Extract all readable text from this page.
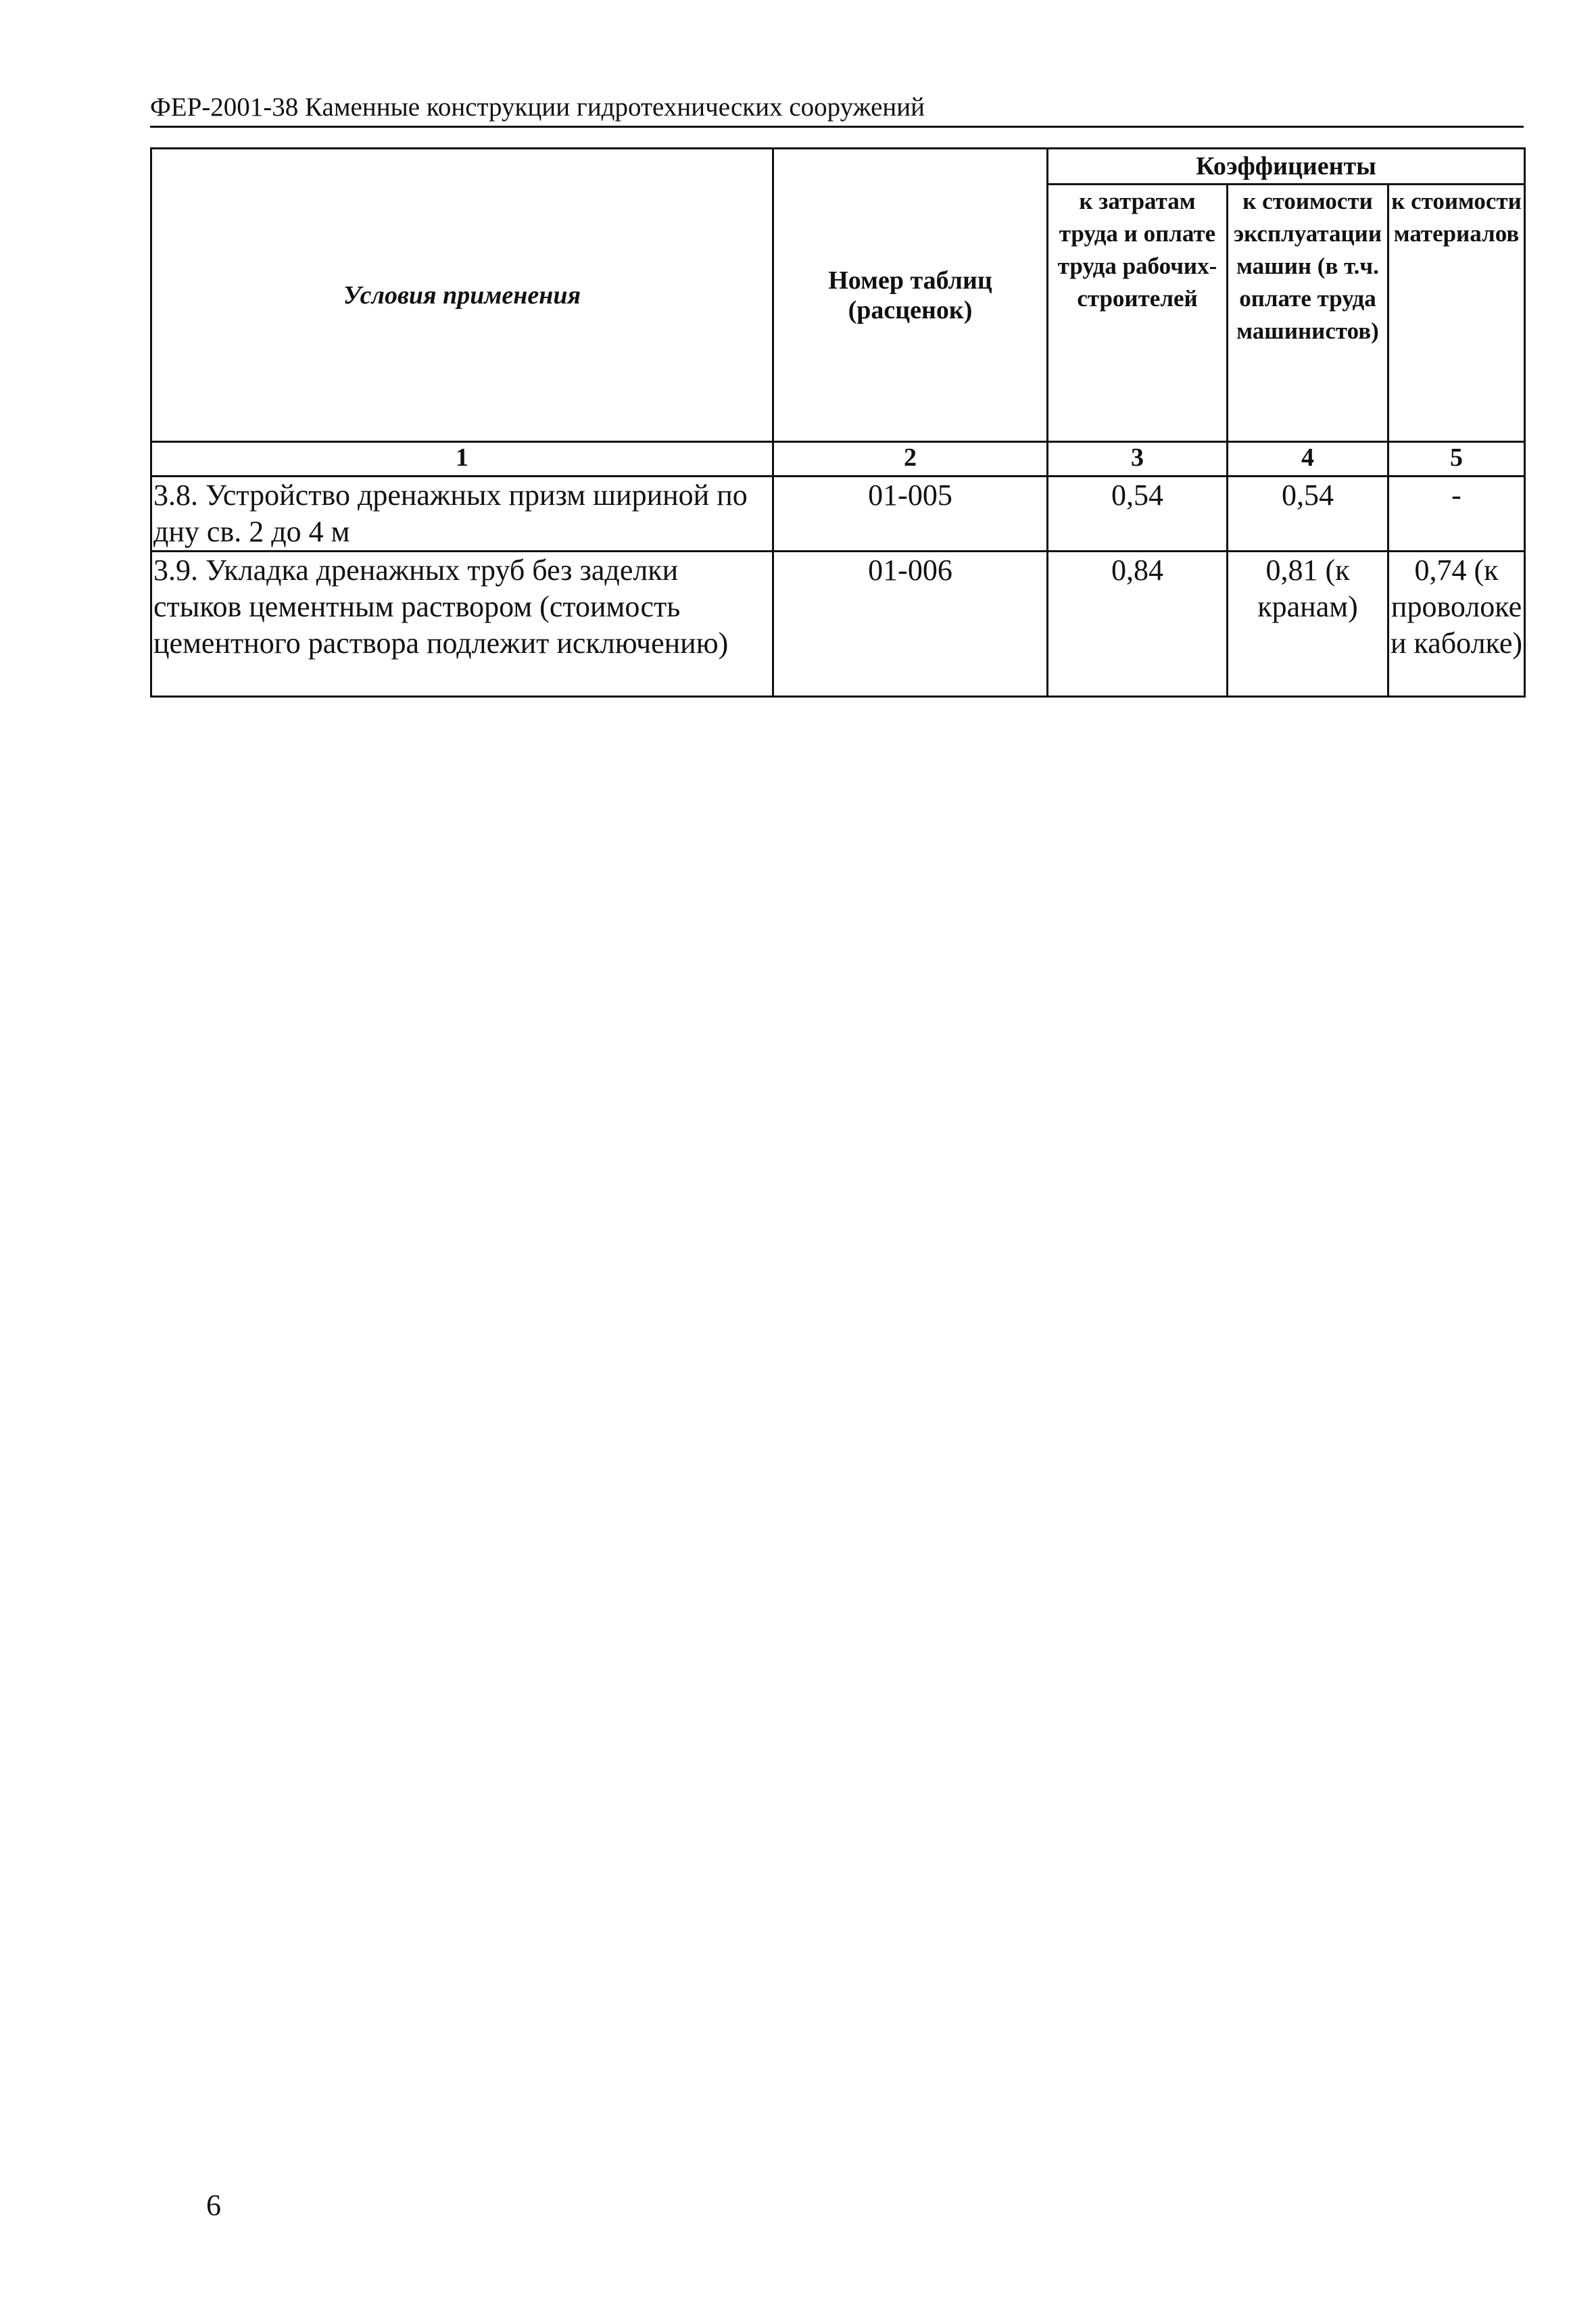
ФЕР-2001-38 Каменные конструкции гидротехнических сооружений
Условия применения	Номер таблиц (расценок)	Коэффициенты		
		к затратам труда и оплате труда рабочих-строителей	к стоимости эксплуатации машин (в т.ч. оплате труда машинистов)	к стоимости материалов
1	2	3	4	5
3.8. Устройство дренажных призм шириной по дну св. 2 до 4 м	01-005	0,54	0,54	-
3.9. Укладка дренажных труб без заделки стыков цементным раствором (стоимость цементного раствора подлежит исключению)	01-006	0,84	0,81 (к кранам)	0,74 (к проволоке и каболке)
6
